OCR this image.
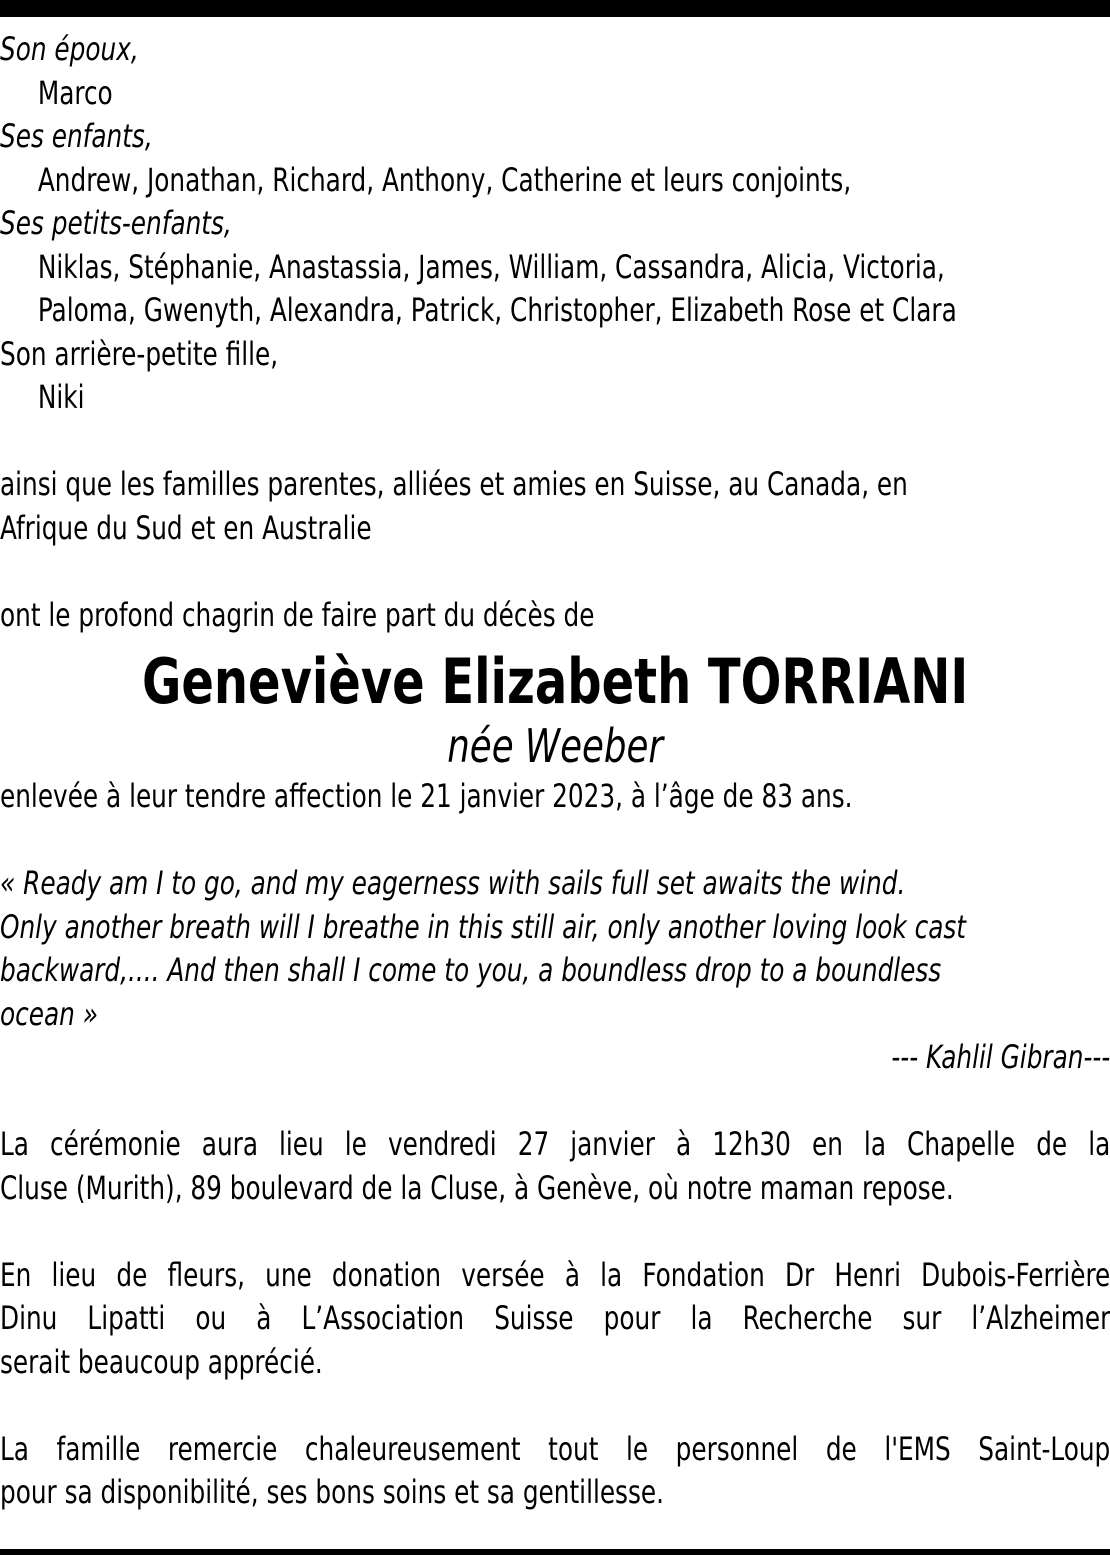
Son époux,
Marco
Ses enfants,
Andrew, Jonathan, Richard, Anthony, Catherine et leurs conjoints,
Ses petits-enfants,
Niklas, Stéphanie, Anastassia, James, William, Cassandra, Alicia, Victoria,
Paloma, Gwenyth, Alexandra, Patrick, Christopher, Elizabeth Rose et Clara
Son arrière-petite fille,
Niki
ainsi que les familles parentes, alliées et amies en Suisse, au Canada, en
Afrique du Sud et en Australie
ont le profond chagrin de faire part du décès de
Geneviève Elizabeth TORRIANI
née Weeber
enlevée à leur tendre affection le 21 janvier 2023, à l’âge de 83 ans.
« Ready am I to go, and my eagerness with sails full set awaits the wind.
Only another breath will I breathe in this still air, only another loving look cast
backward,.... And then shall I come to you, a boundless drop to a boundless
ocean »
--- Kahlil Gibran---
La cérémonie aura lieu le vendredi 27 janvier à 12h30 en la Chapelle de la
Cluse (Murith), 89 boulevard de la Cluse, à Genève, où notre maman repose.
En lieu de fleurs, une donation versée à la Fondation Dr Henri Dubois-Ferrière
Dinu Lipatti ou à L’Association Suisse pour la Recherche sur l’Alzheimer
serait beaucoup apprécié.
La famille remercie chaleureusement tout le personnel de l'EMS Saint-Loup
pour sa disponibilité, ses bons soins et sa gentillesse.
